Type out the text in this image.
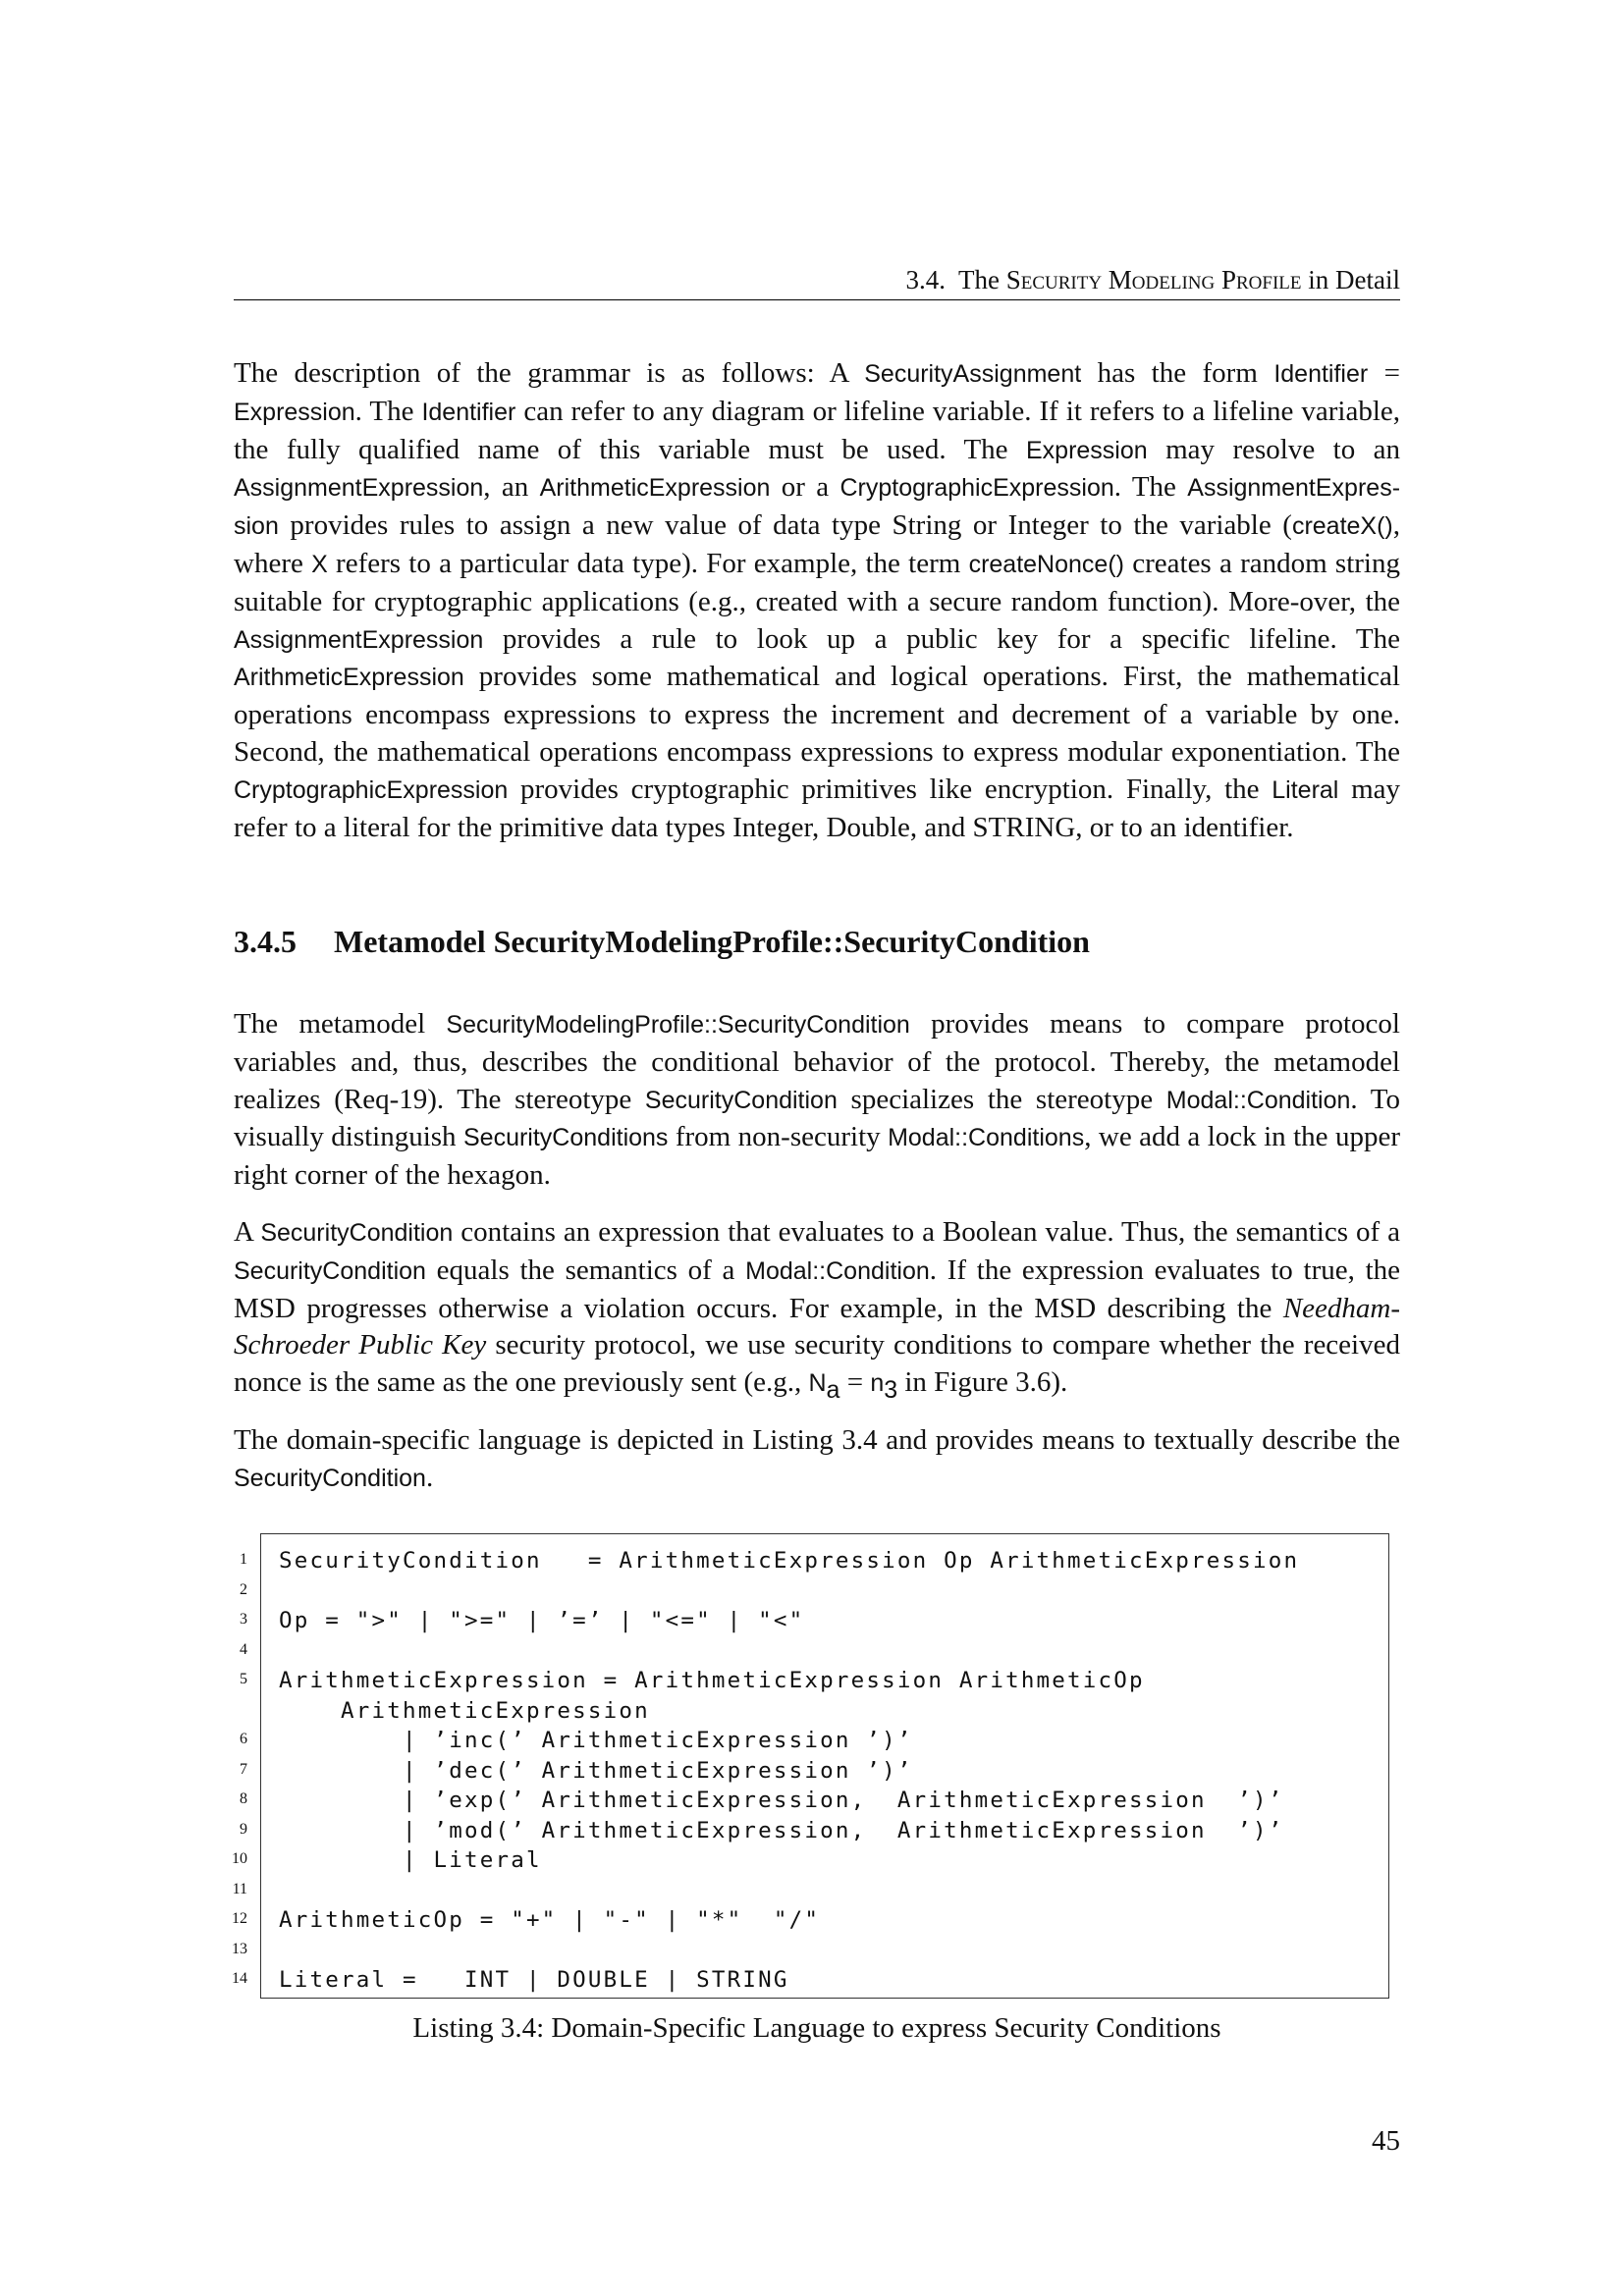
3.4. The Security Modeling Profile in Detail
The description of the grammar is as follows: A SecurityAssignment has the form Identifier = Expression. The Identifier can refer to any diagram or lifeline variable. If it refers to a lifeline variable, the fully qualified name of this variable must be used. The Expression may resolve to an AssignmentExpression, an ArithmeticExpression or a CryptographicExpression. The AssignmentExpres-sion provides rules to assign a new value of data type String or Integer to the variable (createX(), where X refers to a particular data type). For example, the term createNonce() creates a random string suitable for cryptographic applications (e.g., created with a secure random function). More-over, the AssignmentExpression provides a rule to look up a public key for a specific lifeline. The ArithmeticExpression provides some mathematical and logical operations. First, the mathematical operations encompass expressions to express the increment and decrement of a variable by one. Second, the mathematical operations encompass expressions to express modular exponentiation. The CryptographicExpression provides cryptographic primitives like encryption. Finally, the Literal may refer to a literal for the primitive data types Integer, Double, and STRING, or to an identifier.
3.4.5 Metamodel SecurityModelingProfile::SecurityCondition
The metamodel SecurityModelingProfile::SecurityCondition provides means to compare protocol variables and, thus, describes the conditional behavior of the protocol. Thereby, the metamodel realizes (Req-19). The stereotype SecurityCondition specializes the stereotype Modal::Condition. To visually distinguish SecurityConditions from non-security Modal::Conditions, we add a lock in the upper right corner of the hexagon.
A SecurityCondition contains an expression that evaluates to a Boolean value. Thus, the semantics of a SecurityCondition equals the semantics of a Modal::Condition. If the expression evaluates to true, the MSD progresses otherwise a violation occurs. For example, in the MSD describing the Needham-Schroeder Public Key security protocol, we use security conditions to compare whether the received nonce is the same as the one previously sent (e.g., $N_a = n_3$ in Figure 3.6).
The domain-specific language is depicted in Listing 3.4 and provides means to textually describe the SecurityCondition.
1
2
3
4
5
6
7
8
9
10
11
12
13
14
SecurityCondition   = ArithmeticExpression Op ArithmeticExpression

Op = ">" | ">=" | ’=’ | "<=" | "<"

ArithmeticExpression = ArithmeticExpression ArithmeticOp
ArithmeticExpression
| ’inc(’ ArithmeticExpression ’)’
| ’dec(’ ArithmeticExpression ’)’
| ’exp(’ ArithmeticExpression,  ArithmeticExpression  ’)’
| ’mod(’ ArithmeticExpression,  ArithmeticExpression  ’)’
| Literal

ArithmeticOp = "+" | "-" | "*"  "/"

Literal =   INT | DOUBLE | STRING
Listing 3.4: Domain-Specific Language to express Security Conditions
45
